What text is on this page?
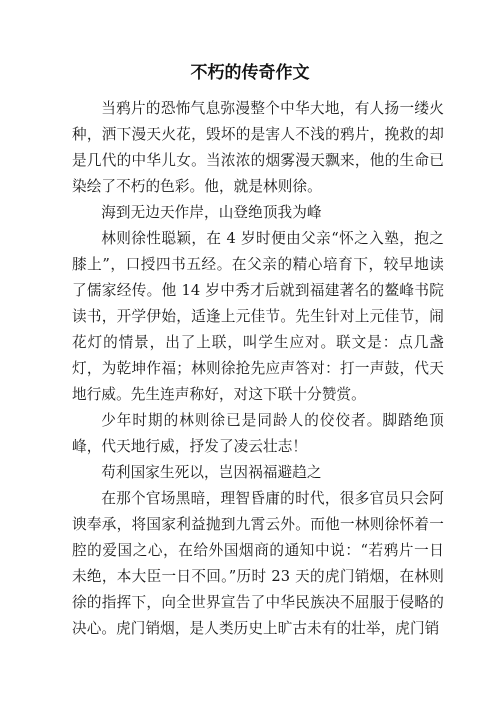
不朽的传奇作文

当鸦片的恐怖气息弥漫整个中华大地，有人扬一缕火种，洒下漫天火花，毁坏的是害人不浅的鸦片，挽救的却是几代的中华儿女。当浓浓的烟雾漫天飘来，他的生命已染绘了不朽的色彩。他，就是林则徐。

海到无边天作岸，山登绝顶我为峰

林则徐性聪颖，在 4 岁时便由父亲“怀之入塾，抱之膝上”，口授四书五经。在父亲的精心培育下，较早地读了儒家经传。他 14 岁中秀才后就到福建著名的鳌峰书院读书，开学伊始，适逢上元佳节。先生针对上元佳节，闹花灯的情景，出了上联，叫学生应对。联文是：点几盏灯，为乾坤作福；林则徐抢先应声答对：打一声鼓，代天地行威。先生连声称好，对这下联十分赞赏。

少年时期的林则徐已是同龄人的佼佼者。脚踏绝顶峰，代天地行威，抒发了凌云壮志！

苟利国家生死以，岂因祸福避趋之

在那个官场黑暗，理智昏庸的时代，很多官员只会阿谀奉承，将国家利益抛到九霄云外。而他一林则徐怀着一腔的爱国之心，在给外国烟商的通知中说：“若鸦片一日未绝，本大臣一日不回。”历时 23 天的虎门销烟，在林则徐的指挥下，向全世界宣告了中华民族决不屈服于侵略的决心。虎门销烟，是人类历史上旷古未有的壮举，虎门销
